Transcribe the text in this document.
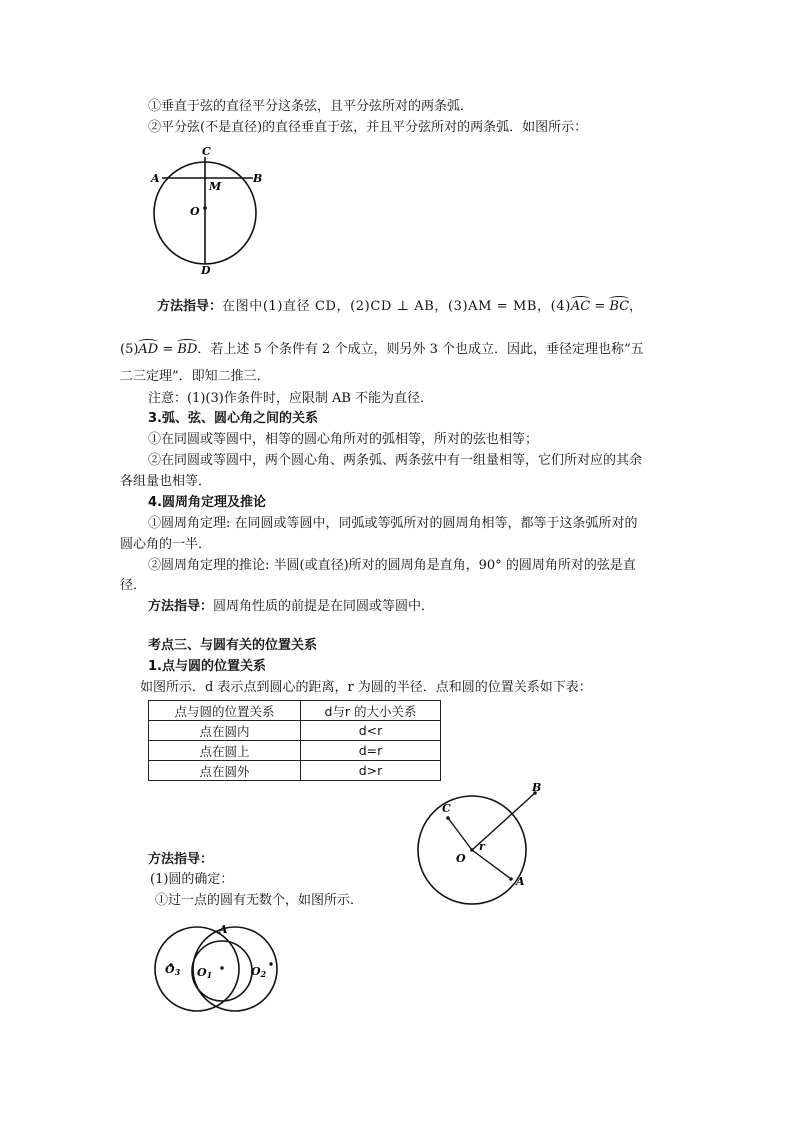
①垂直于弦的直径平分这条弦，且平分弦所对的两条弧．
②平分弦(不是直径)的直径垂直于弦，并且平分弦所对的两条弧．如图所示：
C
A	B
M
O
D
方法指导：在图中(1)直径 CD，(2)CD ⊥ AB，(3)AM = MB，(4)AC = BC，
(5)AD = BD．若上述 5 个条件有 2 个成立，则另外 3 个也成立．因此，垂径定理也称“五
二三定理”．即知二推三．
注意：(1)(3)作条件时，应限制 AB 不能为直径．
3.弧、弦、圆心角之间的关系
①在同圆或等圆中，相等的圆心角所对的弧相等，所对的弦也相等；
②在同圆或等圆中，两个圆心角、两条弧、两条弦中有一组量相等，它们所对应的其余
各组量也相等．
4.圆周角定理及推论
①圆周角定理: 在同圆或等圆中，同弧或等弧所对的圆周角相等，都等于这条弧所对的
圆心角的一半．
②圆周角定理的推论: 半圆(或直径)所对的圆周角是直角，90° 的圆周角所对的弦是直
径．
方法指导：圆周角性质的前提是在同圆或等圆中．
考点三、与圆有关的位置关系
1.点与圆的位置关系
如图所示．d 表示点到圆心的距离，r 为圆的半径．点和圆的位置关系如下表：
点与圆的位置关系	d与r 的大小关系
点在圆内	d<r
点在圆上	d=r
点在圆外	d>r
B
C
O
r
A
方法指导：
(1)圆的确定：
①过一点的圆有无数个，如图所示．
A
O3 O1	O2
